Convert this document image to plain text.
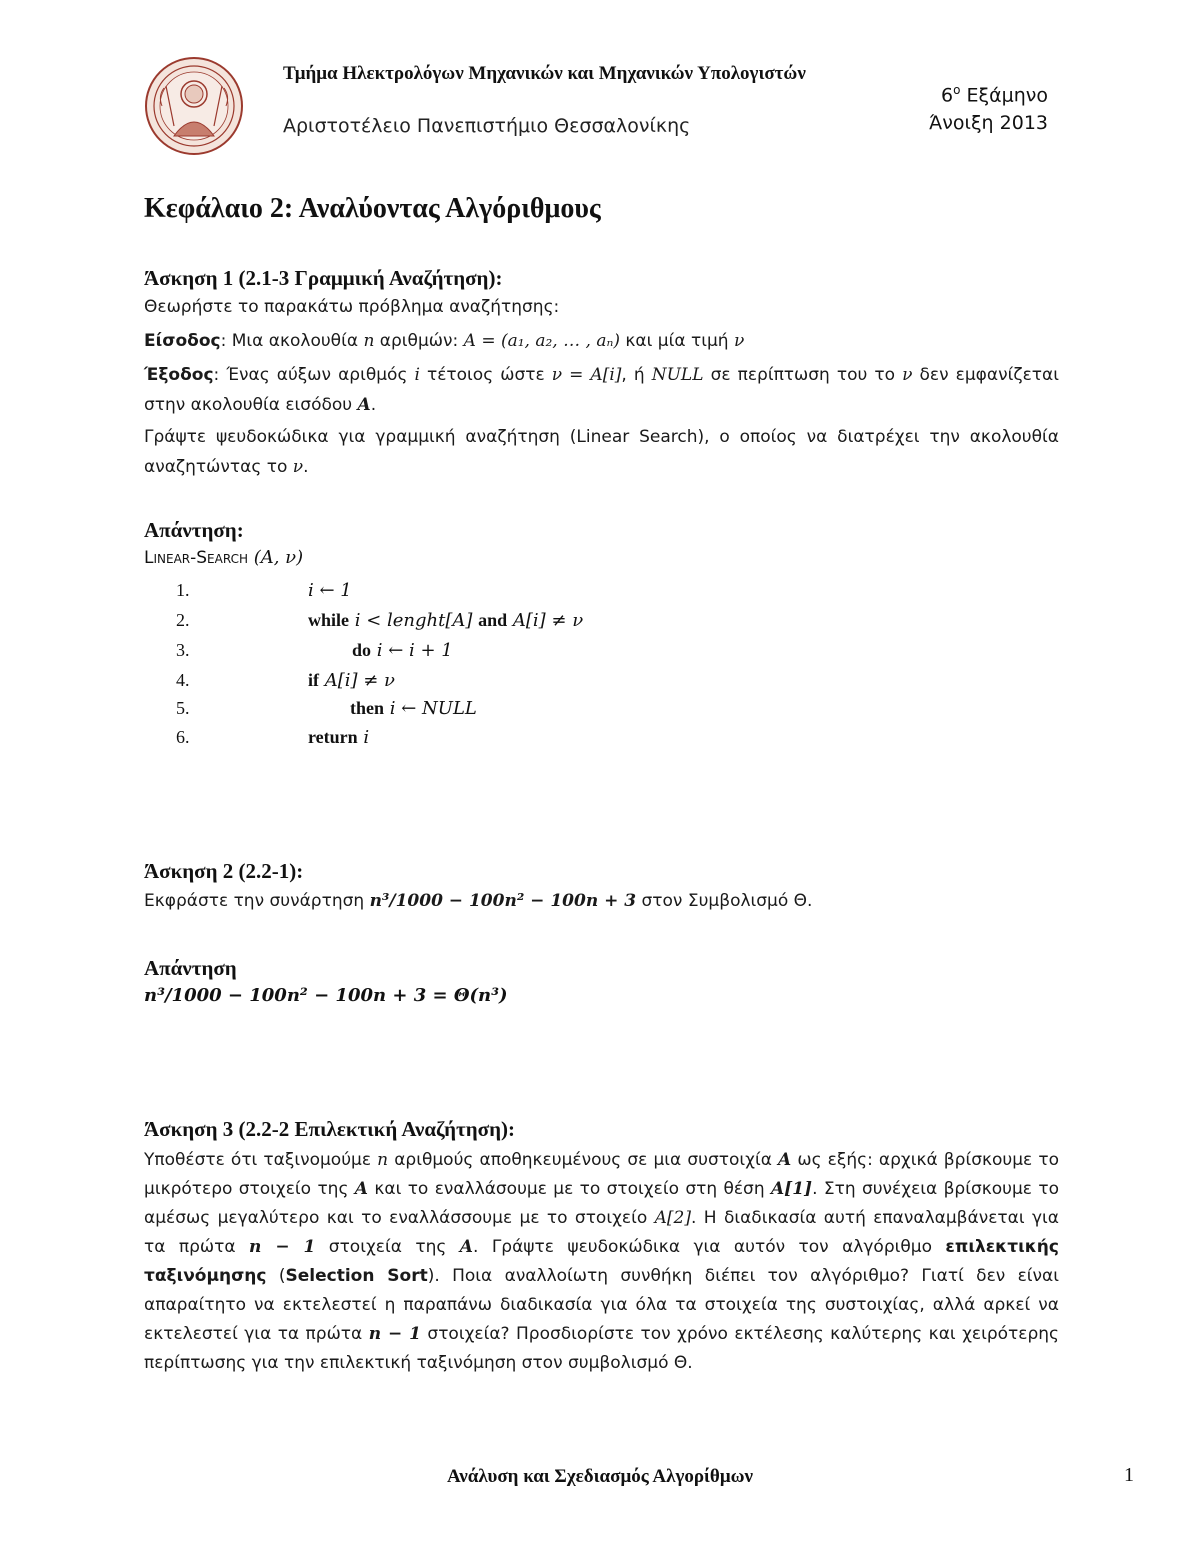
Τμήμα Ηλεκτρολόγων Μηχανικών και Μηχανικών Υπολογιστών
Αριστοτέλειο Πανεπιστήμιο Θεσσαλονίκης
$6^o$ Εξάμηνο
Άνοιξη 2013
Κεφάλαιο 2: Αναλύοντας Αλγόριθμους
Άσκηση 1 (2.1-3 Γραμμική Αναζήτηση):
Θεωρήστε το παρακάτω πρόβλημα αναζήτησης:
Είσοδος: Μια ακολουθία n αριθμών: A = (a₁, a₂, … , aₙ) και μία τιμή ν
Έξοδος: Ένας αύξων αριθμός i τέτοιος ώστε ν = A[i], ή NULL σε περίπτωση του το ν δεν εμφανίζεται στην ακολουθία εισόδου A.
Γράψτε ψευδοκώδικα για γραμμική αναζήτηση (Linear Search), ο οποίος να διατρέχει την ακολουθία αναζητώντας το ν.
Απάντηση:
Linear-Search (A, ν)
1.	i ← 1
2.	while i < lenght[A] and A[i] ≠ ν
3.	do i ← i + 1
4.	if A[i] ≠ ν
5.	then i ← NULL
6.	return i
Άσκηση 2 (2.2-1):
Εκφράστε την συνάρτηση n³/1000 − 100n² − 100n + 3 στον Συμβολισμό Θ.
Απάντηση
n³/1000 − 100n² − 100n + 3 = Θ(n³)
Άσκηση 3 (2.2-2 Επιλεκτική Αναζήτηση):
Υποθέστε ότι ταξινομούμε n αριθμούς αποθηκευμένους σε μια συστοιχία A ως εξής: αρχικά βρίσκουμε το μικρότερο στοιχείο της A και το εναλλάσουμε με το στοιχείο στη θέση A[1]. Στη συνέχεια βρίσκουμε το αμέσως μεγαλύτερο και το εναλλάσσουμε με το στοιχείο A[2]. Η διαδικασία αυτή επαναλαμβάνεται για τα πρώτα n − 1 στοιχεία της A. Γράψτε ψευδοκώδικα για αυτόν τον αλγόριθμο επιλεκτικής ταξινόμησης (Selection Sort). Ποια αναλλοίωτη συνθήκη διέπει τον αλγόριθμο? Γιατί δεν είναι απαραίτητο να εκτελεστεί η παραπάνω διαδικασία για όλα τα στοιχεία της συστοιχίας, αλλά αρκεί να εκτελεστεί για τα πρώτα n − 1 στοιχεία? Προσδιορίστε τον χρόνο εκτέλεσης καλύτερης και χειρότερης περίπτωσης για την επιλεκτική ταξινόμηση στον συμβολισμό Θ.
Ανάλυση και Σχεδιασμός Αλγορίθμων	1
